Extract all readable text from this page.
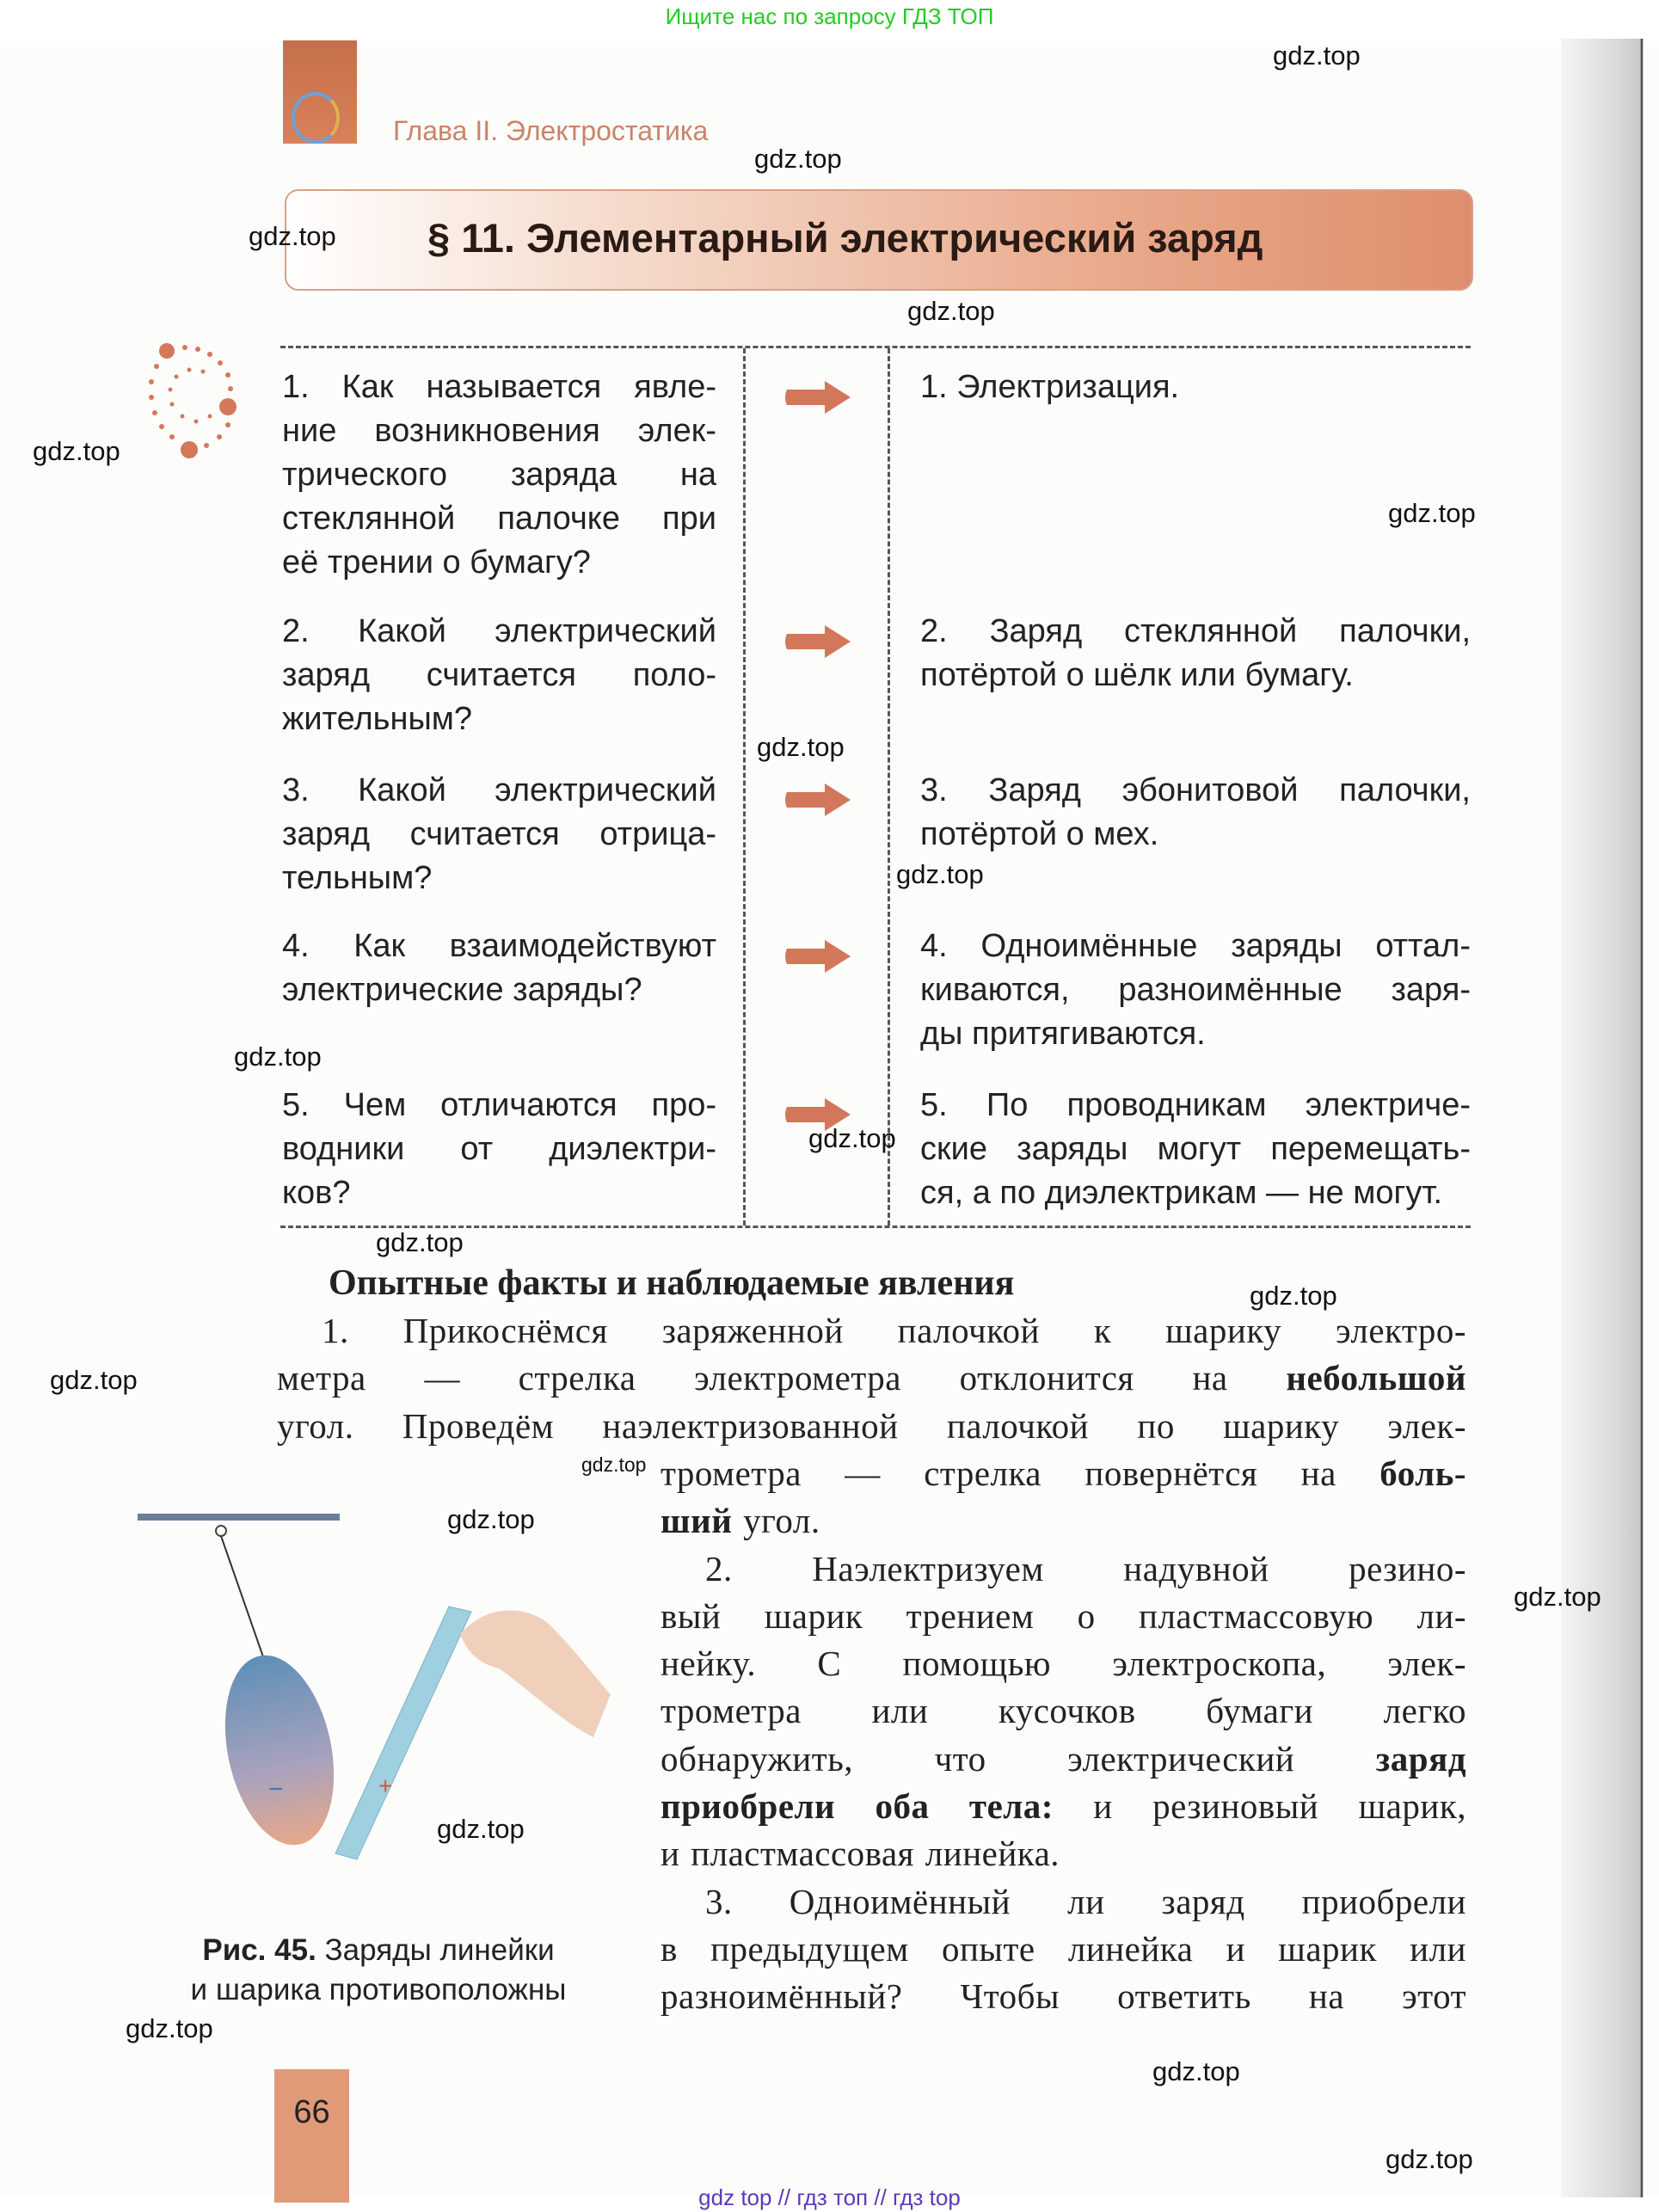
Ищите нас по запросу ГДЗ ТОП
Глава II. Электростатика
§ 11. Элементарный электрический заряд
1. Как называется явле-
ние возникновения элек-
трического заряда на
стеклянной палочке при
её трении о бумагу?
1. Электризация.
2. Какой электрический
заряд считается поло-
жительным?
2. Заряд стеклянной палочки,
потёртой о шёлк или бумагу.
3. Какой электрический
заряд считается отрица-
тельным?
3. Заряд эбонитовой палочки,
потёртой о мех.
4. Как взаимодействуют
электрические заряды?
4. Одноимённые заряды оттал-
киваются, разноимённые заря-
ды притягиваются.
5. Чем отличаются про-
водники от диэлектри-
ков?
5. По проводникам электриче-
ские заряды могут перемещать-
ся, а по диэлектрикам — не могут.
Опытные факты и наблюдаемые явления
1. Прикоснёмся заряженной палочкой к шарику электро-
метра — стрелка электрометра отклонится на небольшой
угол. Проведём наэлектризованной палочкой по шарику элек-
трометра — стрелка повернётся на боль-
ший угол.
2. Наэлектризуем надувной резино-
вый шарик трением о пластмассовую ли-
нейку. С помощью электроскопа, элек-
трометра или кусочков бумаги легко
обнаружить, что электрический заряд
приобрели оба тела: и резиновый шарик,
и пластмассовая линейка.
3. Одноимённый ли заряд приобрели
в предыдущем опыте линейка и шарик или
разноимённый? Чтобы ответить на этот
−	+
Рис. 45. Заряды линейки
и шарика противоположны
66
gdz.top
gdz.top
gdz.top
gdz.top
gdz.top
gdz.top
gdz.top
gdz.top
gdz.top
gdz.top
gdz.top
gdz.top
gdz.top
gdz.top
gdz.top
gdz.top
gdz.top
gdz.top
gdz.top
gdz.top
gdz top // гдз топ // гдз top
